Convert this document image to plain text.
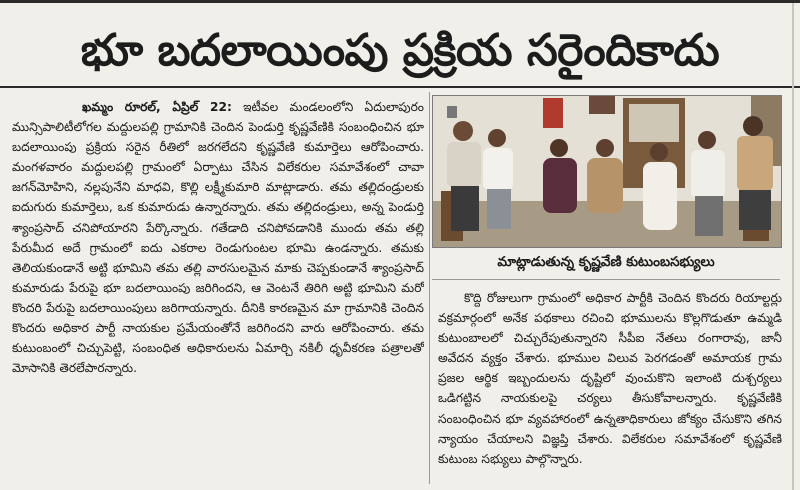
భూ బదలాయింపు ప్రక్రియ సరైందికాదు

ఖమ్మం రూరల్, ఏప్రిల్ 22: ఇటీవల మండలంలోని ఏదులాపురం మున్సిపాలిటీలోగల మద్దులపల్లి గ్రామానికి చెందిన పెండుర్తి కృష్ణవేణికి సంబంధించిన భూ బదలాయింపు ప్రక్రియ సరైన రీతిలో జరగలేదని కృష్ణవేణి కుమార్తెలు ఆరోపించారు. మంగళవారం మద్దులపల్లి గ్రామంలో ఏర్పాటు చేసిన విలేకరుల సమావేశంలో చావా జగన్‌మోహిని, నల్లపునేని మాధవి, కొల్లి లక్ష్మీకుమారి మాట్లాడారు. తమ తల్లిదండ్రులకు ఐదుగురు కుమార్తెలు, ఒక కుమారుడు ఉన్నారన్నారు. తమ తల్లిదండ్రులు, అన్న పెండుర్తి శ్యాంప్రసాద్ చనిపోయారని పేర్కొన్నారు. గతేడాది చనిపోవడానికి ముందు తమ తల్లి పేరుమీద అదే గ్రామంలో ఐదు ఎకరాల రెండుగుంటల భూమి ఉండన్నారు. తమకు తెలియకుండానే అట్టి భూమిని తమ తల్లి వారసులమైన మాకు చెప్పకుండానే శ్యాంప్రసాద్ కుమారుడు పేరుపై భూ బదలాయింపు జరిగిందని, ఆ వెంటనే తిరిగి అట్టి భూమిని మరో కొందరి పేరుపై బదలాయింపులు జరిగాయన్నారు. దీనికి కారణమైన మా గ్రామానికి చెందిన కొందరు అధికార పార్టీ నాయకుల ప్రమేయంతోనే జరిగిందని వారు ఆరోపించారు. తమ కుటుంబంలో చిచ్చుపెట్టి, సంబంధిత అధికారులను ఏమార్చి నకిలీ ధృవీకరణ పత్రాలతో మోసానికి తెరలేపారన్నారు.

మాట్లాడుతున్న కృష్ణవేణి కుటుంబసభ్యులు

కొద్ది రోజులుగా గ్రామంలో అధికార పార్టీకి చెందిన కొందరు రియాల్టర్లు వక్రమార్గంలో అనేక పథకాలు రచించి భూములను కొల్లగొడుతూ ఉమ్మడి కుటుంబాలలో చిచ్చురేపుతున్నారని సీపీఐ నేతలు రంగారావు, జానీ అవేదన వ్యక్తం చేశారు. భూముల విలువ పెరగడంతో అమాయక గ్రామ ప్రజల ఆర్థిక ఇబ్బందులను దృష్టిలో వుంచుకొని ఇలాంటి దుశ్చర్యలు ఒడిగట్టిన నాయకులపై చర్యలు తీసుకోవాలన్నారు. కృష్ణవేణికి సంబంధించిన భూ వ్యవహారంలో ఉన్నతాధికారులు జోక్యం చేసుకొని తగిన న్యాయం చేయాలని విజ్ఞప్తి చేశారు. విలేకరుల సమావేశంలో కృష్ణవేణి కుటుంబ సభ్యులు పాల్గొన్నారు.
